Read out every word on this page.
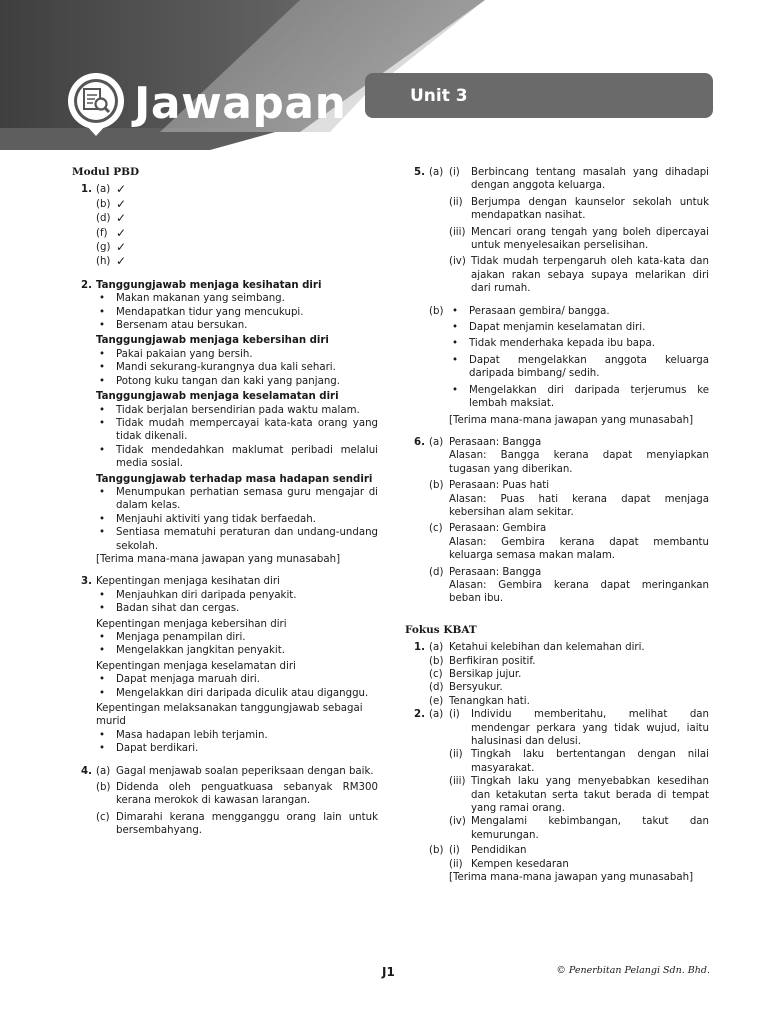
Jawapan	Unit 3
Modul PBD
1. (a) ✓
(b) ✓
(d) ✓
(f) ✓
(g) ✓
(h) ✓
2. Tanggungjawab menjaga kesihatan diri
• Makan makanan yang seimbang.
• Mendapatkan tidur yang mencukupi.
• Bersenam atau bersukan.
Tanggungjawab menjaga kebersihan diri
• Pakai pakaian yang bersih.
• Mandi sekurang-kurangnya dua kali sehari.
• Potong kuku tangan dan kaki yang panjang.
Tanggungjawab menjaga keselamatan diri
• Tidak berjalan bersendirian pada waktu malam.
• Tidak mudah mempercayai kata-kata orang yang tidak dikenali.
• Tidak mendedahkan maklumat peribadi melalui media sosial.
Tanggungjawab terhadap masa hadapan sendiri
• Menumpukan perhatian semasa guru mengajar di dalam kelas.
• Menjauhi aktiviti yang tidak berfaedah.
• Sentiasa mematuhi peraturan dan undang-undang sekolah.
[Terima mana-mana jawapan yang munasabah]
3. Kepentingan menjaga kesihatan diri
• Menjauhkan diri daripada penyakit.
• Badan sihat dan cergas.
Kepentingan menjaga kebersihan diri
• Menjaga penampilan diri.
• Mengelakkan jangkitan penyakit.
Kepentingan menjaga keselamatan diri
• Dapat menjaga maruah diri.
• Mengelakkan diri daripada diculik atau diganggu.
Kepentingan melaksanakan tanggungjawab sebagai murid
• Masa hadapan lebih terjamin.
• Dapat berdikari.
4. (a) Gagal menjawab soalan peperiksaan dengan baik.
(b) Didenda oleh penguatkuasa sebanyak RM300 kerana merokok di kawasan larangan.
(c) Dimarahi kerana mengganggu orang lain untuk bersembahyang.
5. (a) (i) Berbincang tentang masalah yang dihadapi dengan anggota keluarga.
(ii) Berjumpa dengan kaunselor sekolah untuk mendapatkan nasihat.
(iii) Mencari orang tengah yang boleh dipercayai untuk menyelesaikan perselisihan.
(iv) Tidak mudah terpengaruh oleh kata-kata dan ajakan rakan sebaya supaya melarikan diri dari rumah.
(b)
•	Perasaan gembira/ bangga.
• Dapat menjamin keselamatan diri.
• Tidak menderhaka kepada ibu bapa.
• Dapat mengelakkan anggota keluarga daripada bimbang/ sedih.
• Mengelakkan diri daripada terjerumus ke lembah maksiat.
[Terima mana-mana jawapan yang munasabah]
6. (a) Perasaan: Bangga
Alasan: Bangga kerana dapat menyiapkan tugasan yang diberikan.
(b) Perasaan: Puas hati
Alasan: Puas hati kerana dapat menjaga kebersihan alam sekitar.
(c) Perasaan: Gembira
Alasan: Gembira kerana dapat membantu keluarga semasa makan malam.
(d) Perasaan: Bangga
Alasan: Gembira kerana dapat meringankan beban ibu.
Fokus KBAT
1. (a) Ketahui kelebihan dan kelemahan diri.
(b) Berfikiran positif.
(c) Bersikap jujur.
(d) Bersyukur.
(e) Tenangkan hati.
2. (a) (i) Individu memberitahu, melihat dan mendengar perkara yang tidak wujud, iaitu halusinasi dan delusi.
(ii) Tingkah laku bertentangan dengan nilai masyarakat.
(iii) Tingkah laku yang menyebabkan kesedihan dan ketakutan serta takut berada di tempat yang ramai orang.
(iv) Mengalami kebimbangan, takut dan kemurungan.
(b) (i) Pendidikan
(ii) Kempen kesedaran
[Terima mana-mana jawapan yang munasabah]
J1	© Penerbitan Pelangi Sdn. Bhd.
